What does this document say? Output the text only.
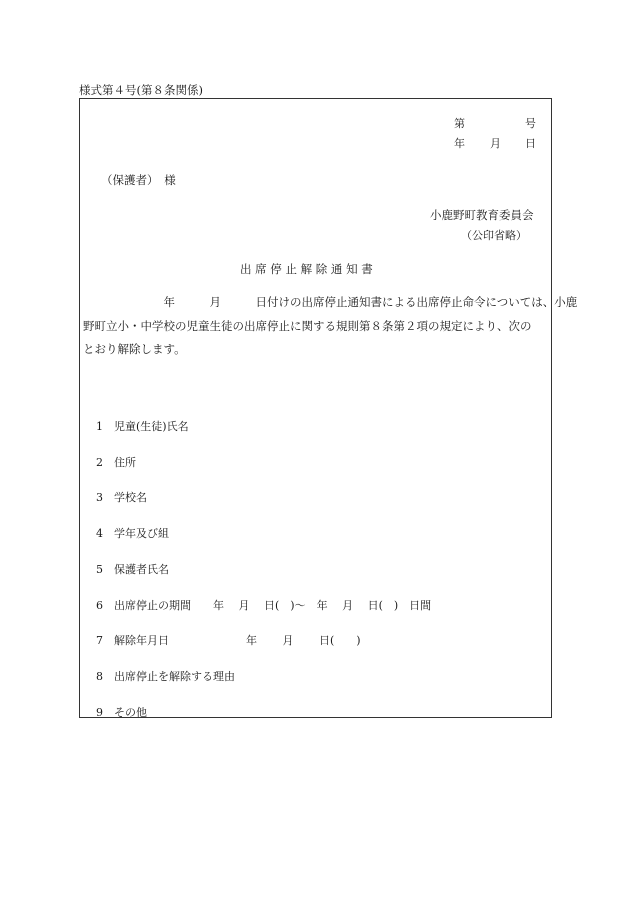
様式第４号(第８条関係)
第	号
年 月 日
（保護者）　様
小鹿野町教育委員会
（公印省略）
出 席 停 止 解 除 通 知 書
　　　　　　　年　　　月　　　日付けの出席停止通知書による出席停止命令については、小鹿
野町立小・中学校の児童生徒の出席停止に関する規則第８条第２項の規定により、次の
とおり解除します。
1　児童(生徒)氏名
2　住所
3　学校名
4　学年及び組
5　保護者氏名
6　出席停止の期間　　年　 月　 日(　)〜　年　 月　 日(　)　日間
7　解除年月日　　　　　　　年　　 月　　 日(　　)
8　出席停止を解除する理由
9　その他
